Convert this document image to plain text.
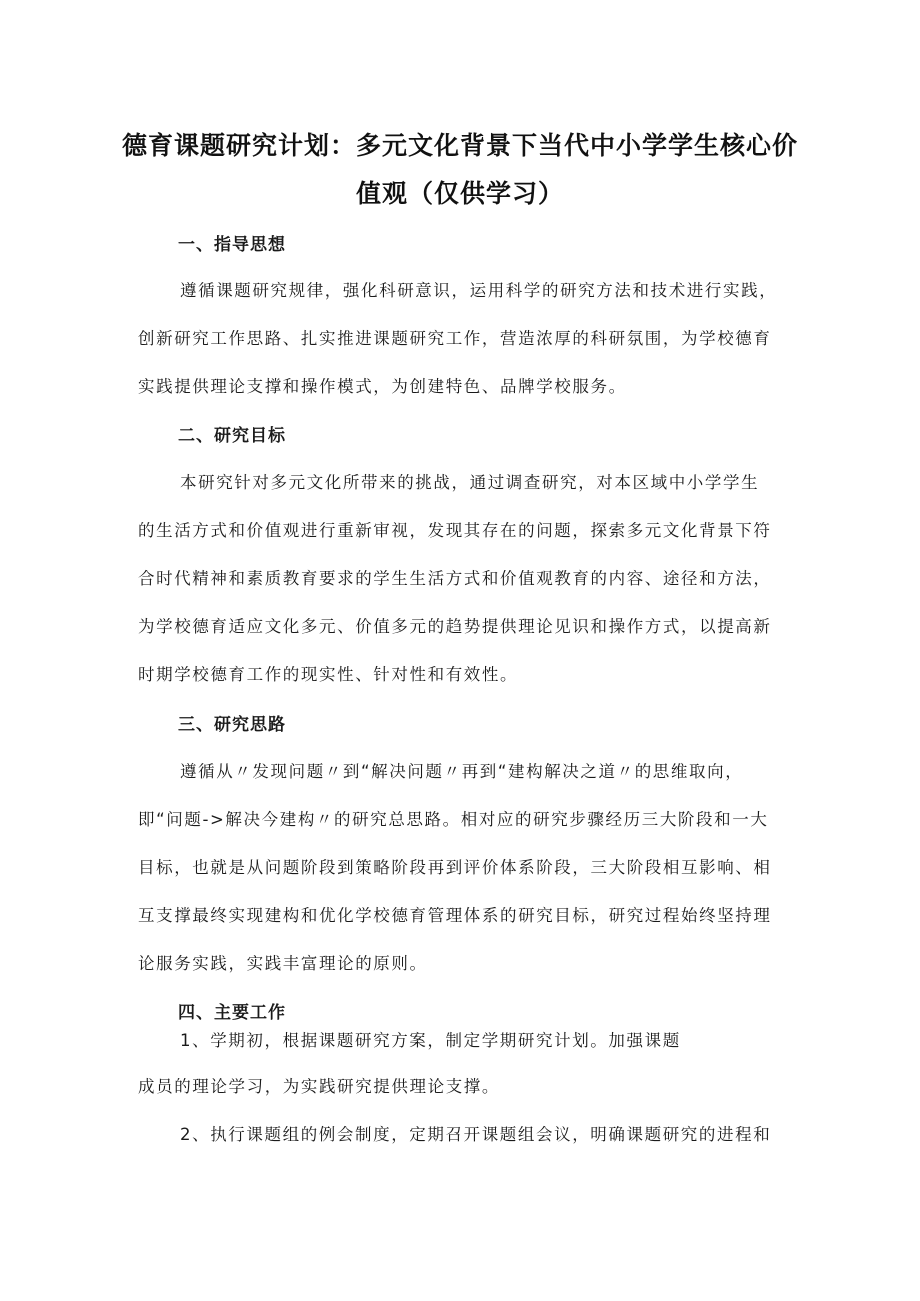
德育课题研究计划：多元文化背景下当代中小学学生核心价
值观（仅供学习）
一、指导思想
遵循课题研究规律，强化科研意识，运用科学的研究方法和技术进行实践，
创新研究工作思路、扎实推进课题研究工作，营造浓厚的科研氛围，为学校德育
实践提供理论支撑和操作模式，为创建特色、品牌学校服务。
二、研究目标
本研究针对多元文化所带来的挑战，通过调查研究，对本区域中小学学生
的生活方式和价值观进行重新审视，发现其存在的问题，探索多元文化背景下符
合时代精神和素质教育要求的学生生活方式和价值观教育的内容、途径和方法，
为学校德育适应文化多元、价值多元的趋势提供理论见识和操作方式，以提高新
时期学校德育工作的现实性、针对性和有效性。
三、研究思路
遵循从〃发现问题〃到“解决问题〃再到“建构解决之道〃的思维取向，
即“问题->解决今建构〃的研究总思路。相对应的研究步骤经历三大阶段和一大
目标，也就是从问题阶段到策略阶段再到评价体系阶段，三大阶段相互影响、相
互支撑最终实现建构和优化学校德育管理体系的研究目标，研究过程始终坚持理
论服务实践，实践丰富理论的原则。
四、主要工作
1、学期初，根据课题研究方案，制定学期研究计划。加强课题
成员的理论学习，为实践研究提供理论支撑。
2、执行课题组的例会制度，定期召开课题组会议，明确课题研究的进程和
